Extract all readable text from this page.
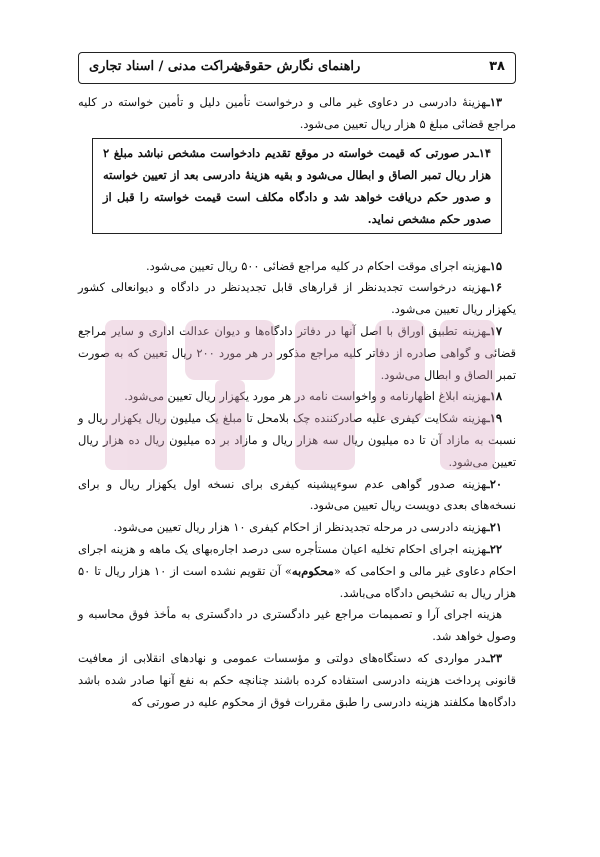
۳۸
راهنمای نگارش حقوقی
شراکت مدنی / اسناد تجاری

۱۳ـهزینهٔ دادرسی در دعاوی غیر مالی و درخواست تأمین دلیل و تأمین خواسته در کلیه مراجع قضائی مبلغ ۵ هزار ریال تعیین می‌شود.

۱۴ـدر صورتی که قیمت خواسته در موقع تقدیم دادخواست مشخص نباشد مبلغ ۲ هزار ریال تمبر الصاق و ابطال می‌شود و بقیه هزینهٔ دادرسی بعد از تعیین خواسته و صدور حکم دریافت خواهد شد و دادگاه مکلف است قیمت خواسته را قبل از صدور حکم مشخص نماید.

۱۵ـهزینه اجرای موقت احکام در کلیه مراجع قضائی ۵۰۰ ریال تعیین می‌شود.

۱۶ـهزینه درخواست تجدیدنظر از قرارهای قابل تجدیدنظر در دادگاه و دیوانعالی کشور یکهزار ریال تعیین می‌شود.

۱۷ـهزینه تطبیق اوراق با اصل آنها در دفاتر دادگاه‌ها و دیوان عدالت اداری و سایر مراجع قضائی و گواهی صادره از دفاتر کلیه مراجع مذکور در هر مورد ۲۰۰ ریال تعیین که به صورت تمبر الصاق و ابطال می‌شود.

۱۸ـهزینه ابلاغ اظهارنامه و واخواست نامه در هر مورد یکهزار ریال تعیین می‌شود.

۱۹ـهزینه شکایت کیفری علیه صادرکننده چک بلامحل تا مبلغ یک میلیون ریال یکهزار ریال و نسبت به مازاد آن تا ده میلیون ریال سه هزار ریال و مازاد بر ده میلیون ریال ده هزار ریال تعیین می‌شود.

۲۰ـهزینه صدور گواهی عدم سوءپیشینه کیفری برای نسخه اول یکهزار ریال و برای نسخه‌های بعدی دویست ریال تعیین می‌شود.

۲۱ـهزینه دادرسی در مرحله تجدیدنظر از احکام کیفری ۱۰ هزار ریال تعیین می‌شود.

۲۲ـهزینه اجرای احکام تخلیه اعیان مستأجره سی درصد اجاره‌بهای یک ماهه و هزینه اجرای احکام دعاوی غیر مالی و احکامی که «محکوم‌به» آن تقویم نشده است از ۱۰ هزار ریال تا ۵۰ هزار ریال به تشخیص دادگاه می‌باشد.

هزینه اجرای آرا و تصمیمات مراجع غیر دادگستری در دادگستری به مأخذ فوق محاسبه و وصول خواهد شد.

۲۳ـدر مواردی که دستگاه‌های دولتی و مؤسسات عمومی و نهادهای انقلابی از معافیت قانونی پرداخت هزینه دادرسی استفاده کرده باشند چنانچه حکم به نفع آنها صادر شده باشد دادگاه‌ها مکلفند هزینه دادرسی را طبق مقررات فوق از محکوم علیه در صورتی که
